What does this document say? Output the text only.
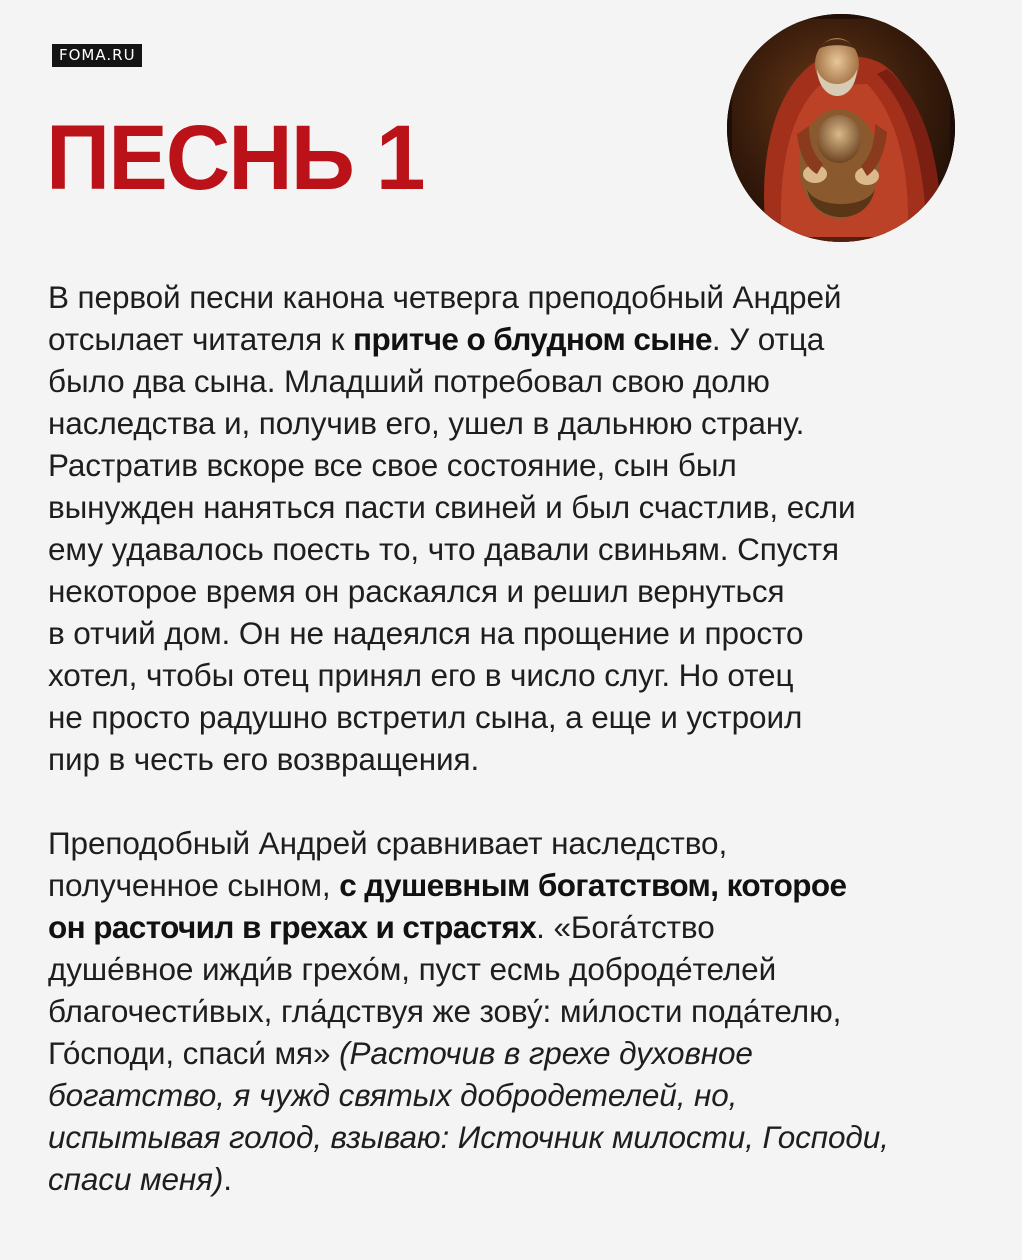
FOMA.RU
ПЕСНЬ 1
В первой песни канона четверга преподобный Андрей
отсылает читателя к притче о блудном сыне. У отца
было два сына. Младший потребовал свою долю
наследства и, получив его, ушел в дальнюю страну.
Растратив вскоре все свое состояние, сын был
вынужден наняться пасти свиней и был счастлив, если
ему удавалось поесть то, что давали свиньям. Спустя
некоторое время он раскаялся и решил вернуться
в отчий дом. Он не надеялся на прощение и просто
хотел, чтобы отец принял его в число слуг. Но отец
не просто радушно встретил сына, а еще и устроил
пир в честь его возвращения.
Преподобный Андрей сравнивает наследство,
полученное сыном, с душевным богатством, которое
он расточил в грехах и страстях. «Бога́тство
душе́вное ижди́в грехо́м, пуст есмь доброде́телей
благочести́вых, гла́дствуя же зову́: ми́лости пода́телю,
Го́споди, спаси́ мя» (Расточив в грехе духовное
богатство, я чужд святых добродетелей, но,
испытывая голод, взываю: Источник милости, Господи,
спаси меня).
